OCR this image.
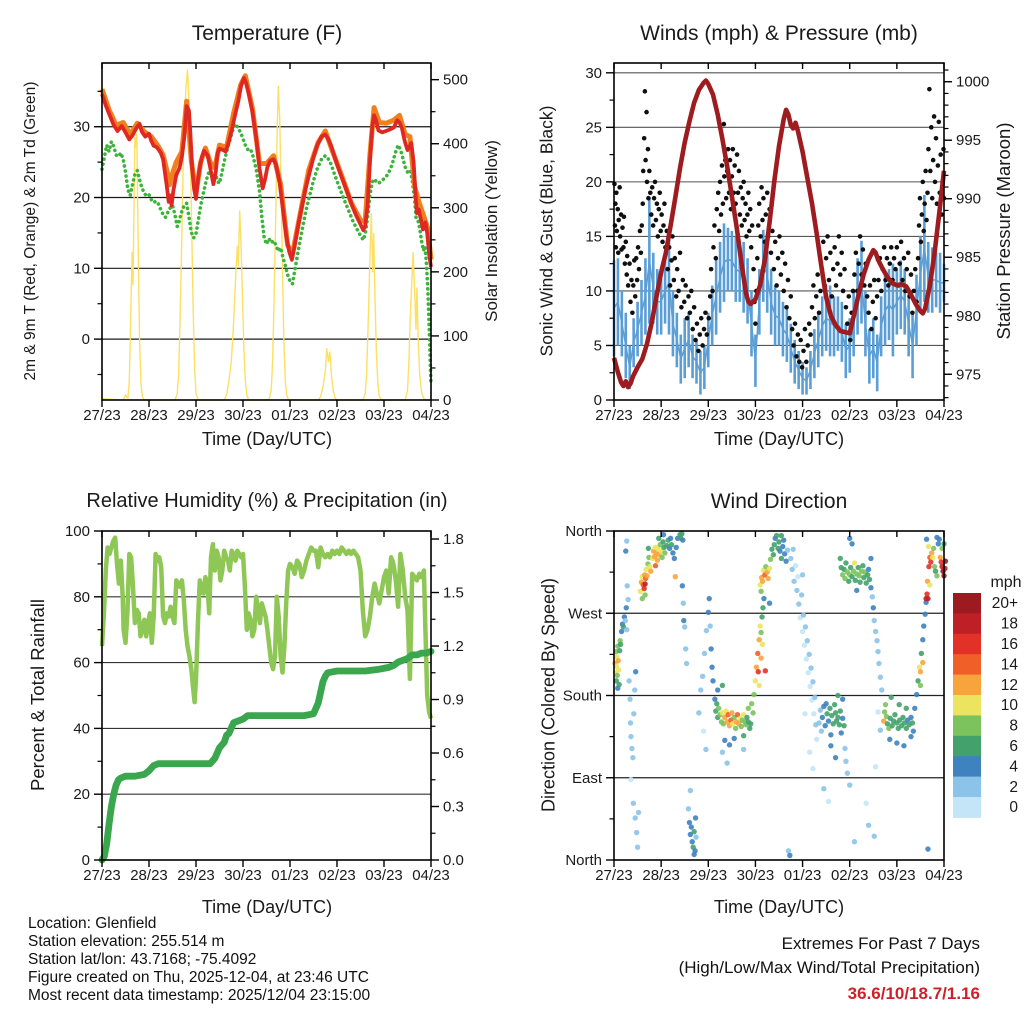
27/23 28/23 29/23 30/23 01/23 02/23 03/23 04/23
0
10
20
30
0
100
200
300
400
500
27/23 28/23 29/23 30/23 01/23 02/23 03/23 04/23
0
5
10
15
20
25
30
975
980
985
990
995
1000
27/23 28/23 29/23 30/23 01/23 02/23 03/23 04/23
0
20
40
60
80
100
0.0
0.3
0.6
0.9
1.2
1.5
1.8
27/23 28/23 29/23 30/23 01/23 02/23 03/23 04/23
North
West
South
East
North
20+
18
16
14
12
10
8
6
4
2
0
Temperature (F)	Winds (mph) & Pressure (mb)
Relative Humidity (%) & Precipitation (in)	Wind Direction
2m & 9m T (Red, Orange) & 2m Td (Green)	Solar Insolation (Yellow) Sonic Wind & Gust (Blue, Black)	Station Pressure (Maroon)
Percent & Total Rainfall	Direction (Colored By Speed)
Time (Day/UTC)	Time (Day/UTC)
Time (Day/UTC)	Time (Day/UTC)
mph
Location: Glenfield
Station elevation: 255.514 m
Station lat/lon: 43.7168; -75.4092
Figure created on Thu, 2025-12-04, at 23:46 UTC
Most recent data timestamp: 2025/12/04 23:15:00
Extremes For Past 7 Days
(High/Low/Max Wind/Total Precipitation)
36.6/10/18.7/1.16
